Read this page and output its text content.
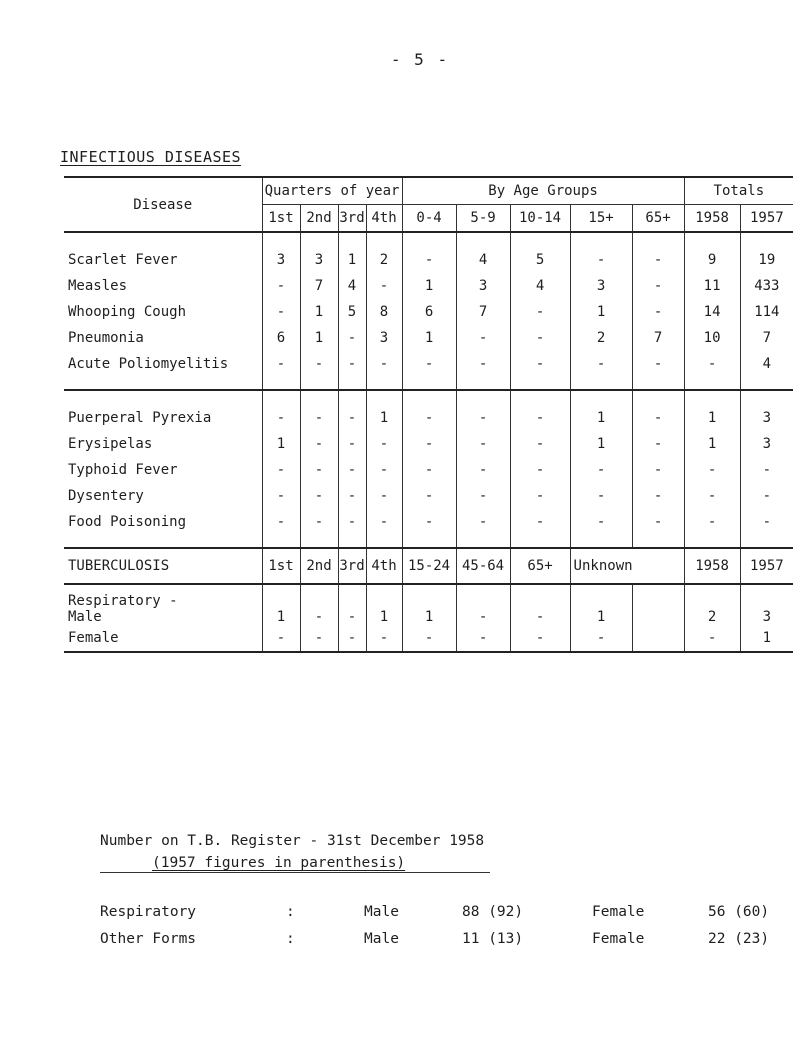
- 5 -
INFECTIOUS DISEASES
Disease	Quarters of year				By Age Groups					Totals	
	1st	2nd	3rd	4th	0-4	5-9	10-14	15+	65+	1958	1957

Scarlet Fever	3	3	1	2	-	4	5	-	-	9	19
Measles	-	7	4	-	1	3	4	3	-	11	433
Whooping Cough	-	1	5	8	6	7	-	1	-	14	114
Pneumonia	6	1	-	3	1	-	-	2	7	10	7
Acute Poliomyelitis	-	-	-	-	-	-	-	-	-	-	4

Puerperal Pyrexia	-	-	-	1	-	-	-	1	-	1	3
Erysipelas	1	-	-	-	-	-	-	1	-	1	3
Typhoid Fever	-	-	-	-	-	-	-	-	-	-	-
Dysentery	-	-	-	-	-	-	-	-	-	-	-
Food Poisoning	-	-	-	-	-	-	-	-	-	-	-

TUBERCULOSIS	1st	2nd	3rd	4th	15-24	45-64	65+	Unknown		1958	1957

Respiratory -
Male	1	-	-	1	1	-	-	1		2	3
Female	-	-	-	-	-	-	-	-		-	1
Number on T.B. Register - 31st December 1958
(1957 figures in parenthesis)
Respiratory	:	Male	88 (92)	Female	56 (60)
Other Forms	:	Male	11 (13)	Female	22 (23)
